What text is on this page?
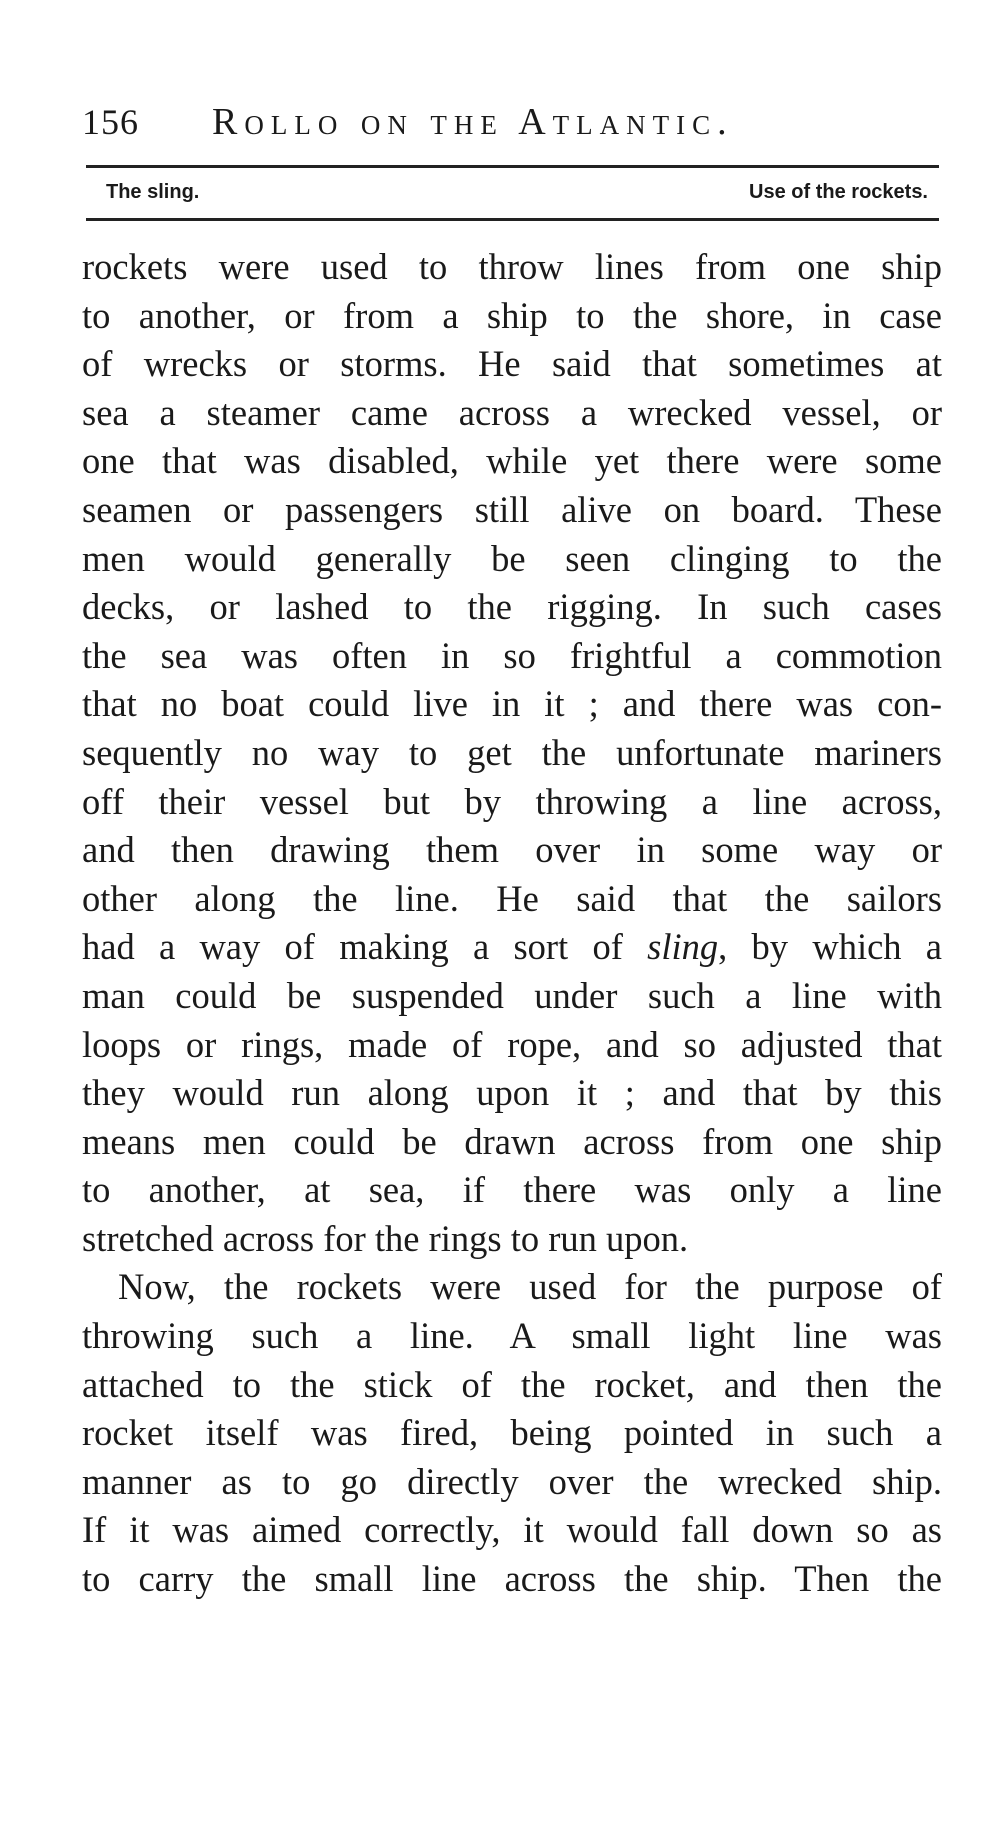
156	Rollo on the Atlantic.
The sling.	Use of the rockets.
rockets were used to throw lines from one ship
to another, or from a ship to the shore, in case
of wrecks or storms. He said that sometimes at
sea a steamer came across a wrecked vessel, or
one that was disabled, while yet there were some
seamen or passengers still alive on board. These
men would generally be seen clinging to the
decks, or lashed to the rigging. In such cases
the sea was often in so frightful a commotion
that no boat could live in it ; and there was con-
sequently no way to get the unfortunate mariners
off their vessel but by throwing a line across,
and then drawing them over in some way or
other along the line. He said that the sailors
had a way of making a sort of sling, by which a
man could be suspended under such a line with
loops or rings, made of rope, and so adjusted that
they would run along upon it ; and that by this
means men could be drawn across from one ship
to another, at sea, if there was only a line
stretched across for the rings to run upon.
Now, the rockets were used for the purpose of
throwing such a line. A small light line was
attached to the stick of the rocket, and then the
rocket itself was fired, being pointed in such a
manner as to go directly over the wrecked ship.
If it was aimed correctly, it would fall down so as
to carry the small line across the ship. Then the
